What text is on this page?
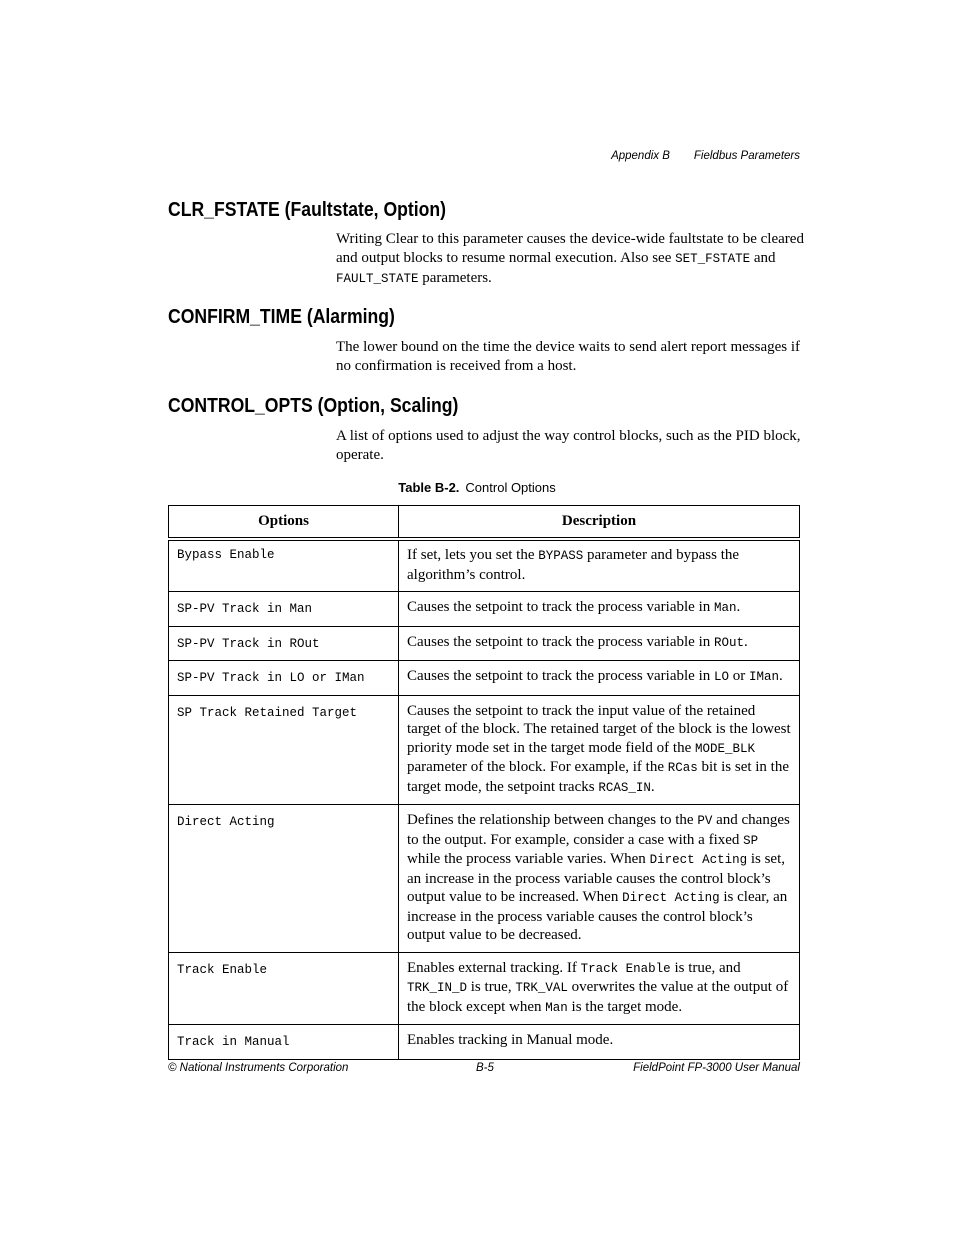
Appendix B Fieldbus Parameters
CLR_FSTATE (Faultstate, Option)

Writing Clear to this parameter causes the device-wide faultstate to be cleared and output blocks to resume normal execution. Also see SET_FSTATE and FAULT_STATE parameters.

CONFIRM_TIME (Alarming)

The lower bound on the time the device waits to send alert report messages if no confirmation is received from a host.

CONTROL_OPTS (Option, Scaling)

A list of options used to adjust the way control blocks, such as the PID block, operate.

Table B-2. Control Options
Options	Description
Bypass Enable	If set, lets you set the BYPASS parameter and bypass the algorithm’s control.
SP-PV Track in Man	Causes the setpoint to track the process variable in Man.
SP-PV Track in ROut	Causes the setpoint to track the process variable in ROut.
SP-PV Track in LO or IMan	Causes the setpoint to track the process variable in LO or IMan.
SP Track Retained Target	Causes the setpoint to track the input value of the retained target of the block. The retained target of the block is the lowest priority mode set in the target mode field of the MODE_BLK parameter of the block. For example, if the RCas bit is set in the target mode, the setpoint tracks RCAS_IN.
Direct Acting	Defines the relationship between changes to the PV and changes to the output. For example, consider a case with a fixed SP while the process variable varies. When Direct Acting is set, an increase in the process variable causes the control block’s output value to be increased. When Direct Acting is clear, an increase in the process variable causes the control block’s output value to be decreased.
Track Enable	Enables external tracking. If Track Enable is true, and TRK_IN_D is true, TRK_VAL overwrites the value at the output of the block except when Man is the target mode.
Track in Manual	Enables tracking in Manual mode.
© National Instruments Corporation	B-5	FieldPoint FP-3000 User Manual
